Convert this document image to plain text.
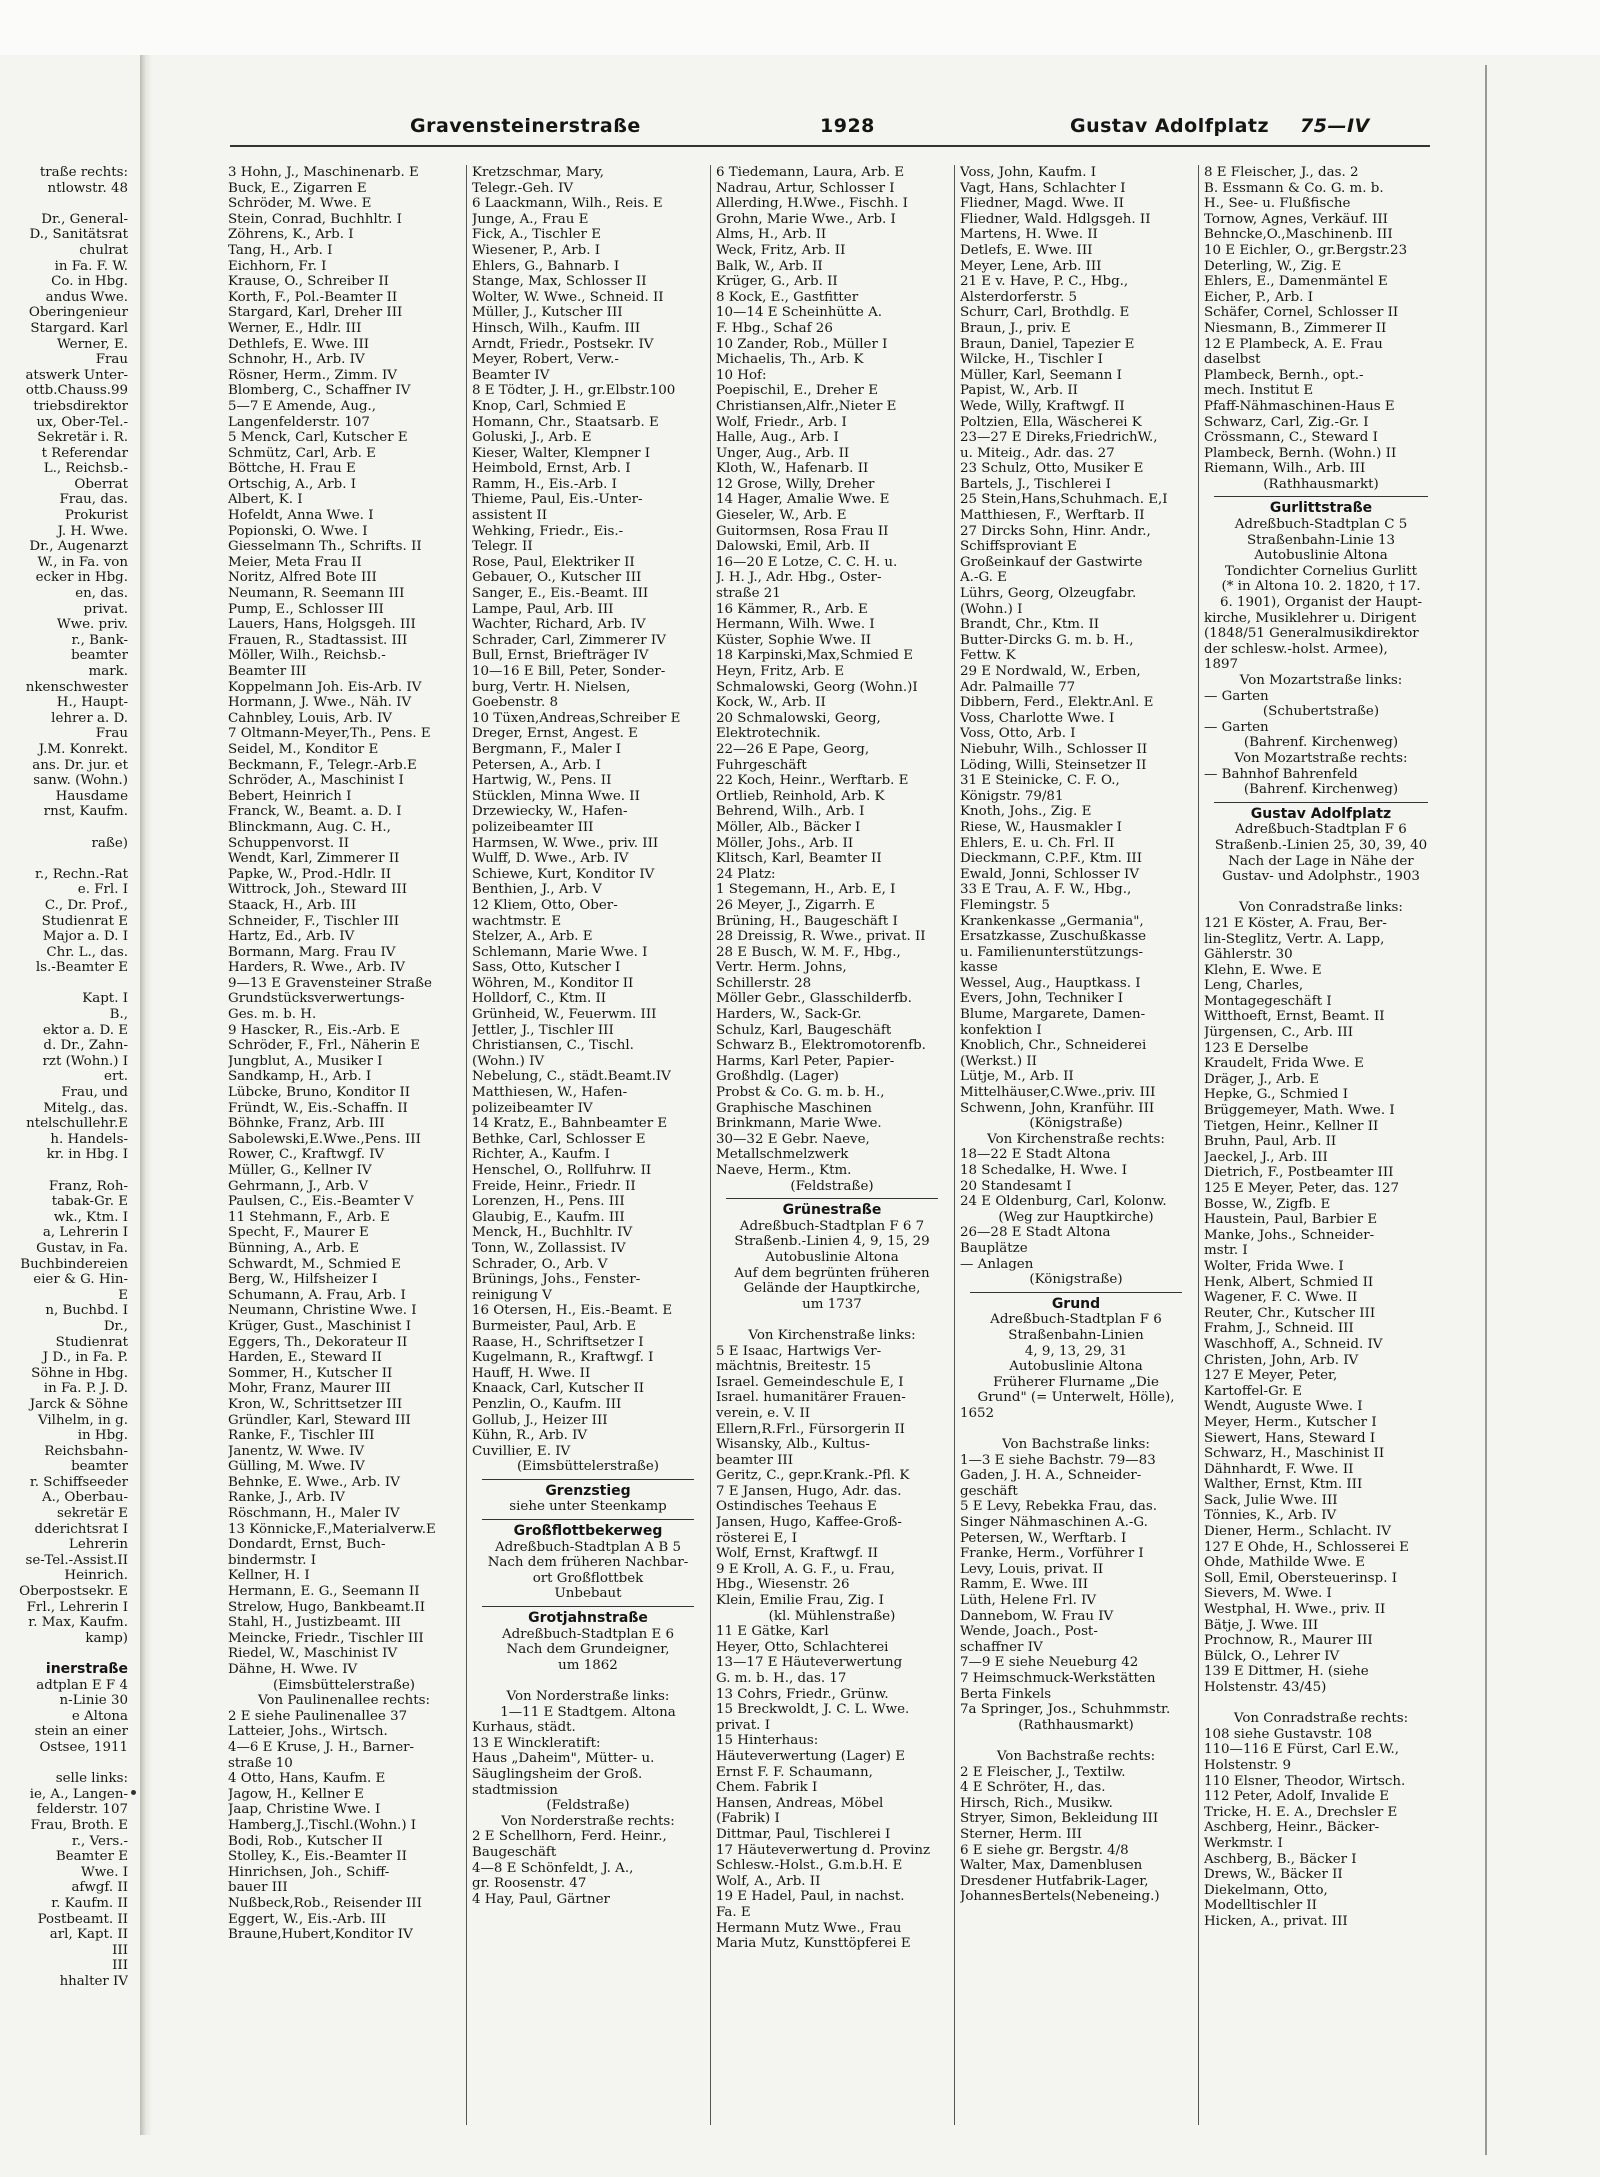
Gravensteinerstraße	1928	Gustav Adolfplatz 75—IV
traße rechts:
ntlowstr. 48
Dr., General-
D., Sanitätsrat
chulrat
in Fa. F. W.
Co. in Hbg.
andus Wwe.
Oberingenieur
Stargard. Karl
Werner, E.
Frau
atswerk Unter-
ottb.Chauss.99
triebsdirektor
ux, Ober-Tel.-
Sekretär i. R.
t Referendar
L., Reichsb.-
Oberrat
Frau, das.
Prokurist
J. H. Wwe.
Dr., Augenarzt
W., in Fa. von
ecker in Hbg.
en, das.
privat.
Wwe. priv.
r., Bank-
beamter
mark.
nkenschwester
H., Haupt-
lehrer a. D.
Frau
J.M. Konrekt.
ans. Dr. jur. et
sanw. (Wohn.)
Hausdame
rnst, Kaufm.
raße)
r., Rechn.-Rat
e. Frl. I
C., Dr. Prof.,
Studienrat E
Major a. D. I
Chr. L., das.
ls.-Beamter E
Kapt. I
B.,
ektor a. D. E
d. Dr., Zahn-
rzt (Wohn.) I
ert.
Frau, und
Mitelg., das.
ntelschullehr.E
h. Handels-
kr. in Hbg. I
Franz, Roh-
tabak-Gr. E
wk., Ktm. I
a, Lehrerin I
Gustav, in Fa.
Buchbindereien
eier & G. Hin-
E
n, Buchbd. I
Dr.,
Studienrat
J D., in Fa. P.
Söhne in Hbg.
in Fa. P. J. D.
Jarck & Söhne
Vilhelm, in g.
in Hbg.
Reichsbahn-
beamter
r. Schiffseeder
A., Oberbau-
sekretär E
dderichtsrat I
Lehrerin
se-Tel.-Assist.II
Heinrich.
Oberpostsekr. E
Frl., Lehrerin I
r. Max, Kaufm.
kamp)
inerstraße
adtplan E F 4
n-Linie 30
e Altona
stein an einer
Ostsee, 1911
selle links:
ie, A., Langen-
felderstr. 107
Frau, Broth. E
r., Vers.-
Beamter E
Wwe. I
afwgf. II
r. Kaufm. II
Postbeamt. II
arl, Kapt. II
III
III
hhalter IV
3 Hohn, J., Maschinenarb. E
Buck, E., Zigarren E
Schröder, M. Wwe. E
Stein, Conrad, Buchhltr. I
Zöhrens, K., Arb. I
Tang, H., Arb. I
Eichhorn, Fr. I
Krause, O., Schreiber II
Korth, F., Pol.-Beamter II
Stargard, Karl, Dreher III
Werner, E., Hdlr. III
Dethlefs, E. Wwe. III
Schnohr, H., Arb. IV
Rösner, Herm., Zimm. IV
Blomberg, C., Schaffner IV
5—7 E Amende, Aug.,
Langenfelderstr. 107
5 Menck, Carl, Kutscher E
Schmütz, Carl, Arb. E
Böttche, H. Frau E
Ortschig, A., Arb. I
Albert, K. I
Hofeldt, Anna Wwe. I
Popionski, O. Wwe. I
Giesselmann Th., Schrifts. II
Meier, Meta Frau II
Noritz, Alfred Bote III
Neumann, R. Seemann III
Pump, E., Schlosser III
Lauers, Hans, Holgsgeh. III
Frauen, R., Stadtassist. III
Möller, Wilh., Reichsb.-
Beamter III
Koppelmann Joh. Eis-Arb. IV
Hormann, J. Wwe., Näh. IV
Cahnbley, Louis, Arb. IV
7 Oltmann-Meyer,Th., Pens. E
Seidel, M., Konditor E
Beckmann, F., Telegr.-Arb.E
Schröder, A., Maschinist I
Bebert, Heinrich I
Franck, W., Beamt. a. D. I
Blinckmann, Aug. C. H.,
Schuppenvorst. II
Wendt, Karl, Zimmerer II
Papke, W., Prod.-Hdlr. II
Wittrock, Joh., Steward III
Staack, H., Arb. III
Schneider, F., Tischler III
Hartz, Ed., Arb. IV
Bormann, Marg. Frau IV
Harders, R. Wwe., Arb. IV
9—13 E Gravensteiner Straße
Grundstücksverwertungs-
Ges. m. b. H.
9 Hascker, R., Eis.-Arb. E
Schröder, F., Frl., Näherin E
Jungblut, A., Musiker I
Sandkamp, H., Arb. I
Lübcke, Bruno, Konditor II
Fründt, W., Eis.-Schaffn. II
Böhnke, Franz, Arb. III
Sabolewski,E.Wwe.,Pens. III
Rower, C., Kraftwgf. IV
Müller, G., Kellner IV
Gehrmann, J., Arb. V
Paulsen, C., Eis.-Beamter V
11 Stehmann, F., Arb. E
Specht, F., Maurer E
Bünning, A., Arb. E
Schwardt, M., Schmied E
Berg, W., Hilfsheizer I
Schumann, A. Frau, Arb. I
Neumann, Christine Wwe. I
Krüger, Gust., Maschinist I
Eggers, Th., Dekorateur II
Harden, E., Steward II
Sommer, H., Kutscher II
Mohr, Franz, Maurer III
Kron, W., Schrittsetzer III
Gründler, Karl, Steward III
Ranke, F., Tischler III
Janentz, W. Wwe. IV
Gülling, M. Wwe. IV
Behnke, E. Wwe., Arb. IV
Ranke, J., Arb. IV
Röschmann, H., Maler IV
13 Könnicke,F.,Materialverw.E
Dondardt, Ernst, Buch-
bindermstr. I
Kellner, H. I
Hermann, E. G., Seemann II
Strelow, Hugo, Bankbeamt.II
Stahl, H., Justizbeamt. III
Meincke, Friedr., Tischler III
Riedel, W., Maschinist IV
Dähne, H. Wwe. IV
(Eimsbüttelerstraße)
Von Paulinenallee rechts:
2 E siehe Paulinenallee 37
Latteier, Johs., Wirtsch.
4—6 E Kruse, J. H., Barner-
straße 10
4 Otto, Hans, Kaufm. E
Jagow, H., Kellner E
Jaap, Christine Wwe. I
Hamberg,J.,Tischl.(Wohn.) I
Bodi, Rob., Kutscher II
Stolley, K., Eis.-Beamter II
Hinrichsen, Joh., Schiff-
bauer III
Nußbeck,Rob., Reisender III
Eggert, W., Eis.-Arb. III
Braune,Hubert,Konditor IV
Kretzschmar, Mary,
Telegr.-Geh. IV
6 Laackmann, Wilh., Reis. E
Junge, A., Frau E
Fick, A., Tischler E
Wiesener, P., Arb. I
Ehlers, G., Bahnarb. I
Stange, Max, Schlosser II
Wolter, W. Wwe., Schneid. II
Müller, J., Kutscher III
Hinsch, Wilh., Kaufm. III
Arndt, Friedr., Postsekr. IV
Meyer, Robert, Verw.-
Beamter IV
8 E Tödter, J. H., gr.Elbstr.100
Knop, Carl, Schmied E
Homann, Chr., Staatsarb. E
Goluski, J., Arb. E
Kieser, Walter, Klempner I
Heimbold, Ernst, Arb. I
Ramm, H., Eis.-Arb. I
Thieme, Paul, Eis.-Unter-
assistent II
Wehking, Friedr., Eis.-
Telegr. II
Rose, Paul, Elektriker II
Gebauer, O., Kutscher III
Sanger, E., Eis.-Beamt. III
Lampe, Paul, Arb. III
Wachter, Richard, Arb. IV
Schrader, Carl, Zimmerer IV
Bull, Ernst, Briefträger IV
10—16 E Bill, Peter, Sonder-
burg, Vertr. H. Nielsen,
Goebenstr. 8
10 Tüxen,Andreas,Schreiber E
Dreger, Ernst, Angest. E
Bergmann, F., Maler I
Petersen, A., Arb. I
Hartwig, W., Pens. II
Stücklen, Minna Wwe. II
Drzewiecky, W., Hafen-
polizeibeamter III
Harmsen, W. Wwe., priv. III
Wulff, D. Wwe., Arb. IV
Schiewe, Kurt, Konditor IV
Benthien, J., Arb. V
12 Kliem, Otto, Ober-
wachtmstr. E
Stelzer, A., Arb. E
Schlemann, Marie Wwe. I
Sass, Otto, Kutscher I
Wöhren, M., Konditor II
Holldorf, C., Ktm. II
Grünheid, W., Feuerwm. III
Jettler, J., Tischler III
Christiansen, C., Tischl.
(Wohn.) IV
Nebelung, C., städt.Beamt.IV
Matthiesen, W., Hafen-
polizeibeamter IV
14 Kratz, E., Bahnbeamter E
Bethke, Carl, Schlosser E
Richter, A., Kaufm. I
Henschel, O., Rollfuhrw. II
Freide, Heinr., Friedr. II
Lorenzen, H., Pens. III
Glaubig, E., Kaufm. III
Menck, H., Buchhltr. IV
Tonn, W., Zollassist. IV
Schrader, O., Arb. V
Brünings, Johs., Fenster-
reinigung V
16 Otersen, H., Eis.-Beamt. E
Burmeister, Paul, Arb. E
Raase, H., Schriftsetzer I
Kugelmann, R., Kraftwgf. I
Hauff, H. Wwe. II
Knaack, Carl, Kutscher II
Penzlin, O., Kaufm. III
Gollub, J., Heizer III
Kühn, R., Arb. IV
Cuvillier, E. IV
(Eimsbüttelerstraße)
Grenzstieg
siehe unter Steenkamp
Großflottbekerweg
Adreßbuch-Stadtplan A B 5
Nach dem früheren Nachbar-
ort Großflottbek
Unbebaut
Grotjahnstraße
Adreßbuch-Stadtplan E 6
Nach dem Grundeigner,
um 1862
Von Norderstraße links:
1—11 E Stadtgem. Altona
Kurhaus, städt.
13 E Winckleratift:
Haus „Daheim", Mütter- u.
Säuglingsheim der Groß.
stadtmission
(Feldstraße)
Von Norderstraße rechts:
2 E Schellhorn, Ferd. Heinr.,
Baugeschäft
4—8 E Schönfeldt, J. A.,
gr. Roosenstr. 47
4 Hay, Paul, Gärtner
6 Tiedemann, Laura, Arb. E
Nadrau, Artur, Schlosser I
Allerding, H.Wwe., Fischh. I
Grohn, Marie Wwe., Arb. I
Alms, H., Arb. II
Weck, Fritz, Arb. II
Balk, W., Arb. II
Krüger, G., Arb. II
8 Kock, E., Gastfitter
10—14 E Scheinhütte A.
F. Hbg., Schaf 26
10 Zander, Rob., Müller I
Michaelis, Th., Arb. K
10 Hof:
Poepischil, E., Dreher E
Christiansen,Alfr.,Nieter E
Wolf, Friedr., Arb. I
Halle, Aug., Arb. I
Unger, Aug., Arb. II
Kloth, W., Hafenarb. II
12 Grose, Willy, Dreher
14 Hager, Amalie Wwe. E
Gieseler, W., Arb. E
Guitormsen, Rosa Frau II
Dalowski, Emil, Arb. II
16—20 E Lotze, C. C. H. u.
J. H. J., Adr. Hbg., Oster-
straße 21
16 Kämmer, R., Arb. E
Hermann, Wilh. Wwe. I
Küster, Sophie Wwe. II
18 Karpinski,Max,Schmied E
Heyn, Fritz, Arb. E
Schmalowski, Georg (Wohn.)I
Kock, W., Arb. II
20 Schmalowski, Georg,
Elektrotechnik.
22—26 E Pape, Georg,
Fuhrgeschäft
22 Koch, Heinr., Werftarb. E
Ortlieb, Reinhold, Arb. K
Behrend, Wilh., Arb. I
Möller, Alb., Bäcker I
Möller, Johs., Arb. II
Klitsch, Karl, Beamter II
24 Platz:
1 Stegemann, H., Arb. E, I
26 Meyer, J., Zigarrh. E
Brüning, H., Baugeschäft I
28 Dreissig, R. Wwe., privat. II
28 E Busch, W. M. F., Hbg.,
Vertr. Herm. Johns,
Schillerstr. 28
Möller Gebr., Glasschilderfb.
Harders, W., Sack-Gr.
Schulz, Karl, Baugeschäft
Schwarz B., Elektromotorenfb.
Harms, Karl Peter, Papier-
Großhdlg. (Lager)
Probst & Co. G. m. b. H.,
Graphische Maschinen
Brinkmann, Marie Wwe.
30—32 E Gebr. Naeve,
Metallschmelzwerk
Naeve, Herm., Ktm.
(Feldstraße)
Grünestraße
Adreßbuch-Stadtplan F 6 7
Straßenb.-Linien 4, 9, 15, 29
Autobuslinie Altona
Auf dem begrünten früheren
Gelände der Hauptkirche,
um 1737
Von Kirchenstraße links:
5 E Isaac, Hartwigs Ver-
mächtnis, Breitestr. 15
Israel. Gemeindeschule E, I
Israel. humanitärer Frauen-
verein, e. V. II
Ellern,R.Frl., Fürsorgerin II
Wisansky, Alb., Kultus-
beamter III
Geritz, C., gepr.Krank.-Pfl. K
7 E Jansen, Hugo, Adr. das.
Ostindisches Teehaus E
Jansen, Hugo, Kaffee-Groß-
rösterei E, I
Wolf, Ernst, Kraftwgf. II
9 E Kroll, A. G. F., u. Frau,
Hbg., Wiesenstr. 26
Klein, Emilie Frau, Zig. I
(kl. Mühlenstraße)
11 E Gätke, Karl
Heyer, Otto, Schlachterei
13—17 E Häuteverwertung
G. m. b. H., das. 17
13 Cohrs, Friedr., Grünw.
15 Breckwoldt, J. C. L. Wwe.
privat. I
15 Hinterhaus:
Häuteverwertung (Lager) E
Ernst F. F. Schaumann,
Chem. Fabrik I
Hansen, Andreas, Möbel
(Fabrik) I
Dittmar, Paul, Tischlerei I
17 Häuteverwertung d. Provinz
Schlesw.-Holst., G.m.b.H. E
Wolf, A., Arb. II
19 E Hadel, Paul, in nachst.
Fa. E
Hermann Mutz Wwe., Frau
Maria Mutz, Kunsttöpferei E
Voss, John, Kaufm. I
Vagt, Hans, Schlachter I
Fliedner, Magd. Wwe. II
Fliedner, Wald. Hdlgsgeh. II
Martens, H. Wwe. II
Detlefs, E. Wwe. III
Meyer, Lene, Arb. III
21 E v. Have, P. C., Hbg.,
Alsterdorferstr. 5
Schurr, Carl, Brothdlg. E
Braun, J., priv. E
Braun, Daniel, Tapezier E
Wilcke, H., Tischler I
Müller, Karl, Seemann I
Papist, W., Arb. II
Wede, Willy, Kraftwgf. II
Poltzien, Ella, Wäscherei K
23—27 E Direks,FriedrichW.,
u. Miteig., Adr. das. 27
23 Schulz, Otto, Musiker E
Bartels, J., Tischlerei I
25 Stein,Hans,Schuhmach. E,I
Matthiesen, F., Werftarb. II
27 Dircks Sohn, Hinr. Andr.,
Schiffsproviant E
Großeinkauf der Gastwirte
A.-G. E
Lührs, Georg, Ölzeugfabr.
(Wohn.) I
Brandt, Chr., Ktm. II
Butter-Dircks G. m. b. H.,
Fettw. K
29 E Nordwald, W., Erben,
Adr. Palmaille 77
Dibbern, Ferd., Elektr.Anl. E
Voss, Charlotte Wwe. I
Voss, Otto, Arb. I
Niebuhr, Wilh., Schlosser II
Löding, Willi, Steinsetzer II
31 E Steinicke, C. F. O.,
Königstr. 79/81
Knoth, Johs., Zig. E
Riese, W., Hausmakler I
Ehlers, E. u. Ch. Frl. II
Dieckmann, C.P.F., Ktm. III
Ewald, Jonni, Schlosser IV
33 E Trau, A. F. W., Hbg.,
Flemingstr. 5
Krankenkasse „Germania",
Ersatzkasse, Zuschußkasse
u. Familienunterstützungs-
kasse
Wessel, Aug., Hauptkass. I
Evers, John, Techniker I
Blume, Margarete, Damen-
konfektion I
Knoblich, Chr., Schneiderei
(Werkst.) II
Lütje, M., Arb. II
Mittelhäuser,C.Wwe.,priv. III
Schwenn, John, Kranführ. III
(Königstraße)
Von Kirchenstraße rechts:
18—22 E Stadt Altona
18 Schedalke, H. Wwe. I
20 Standesamt I
24 E Oldenburg, Carl, Kolonw.
(Weg zur Hauptkirche)
26—28 E Stadt Altona
Bauplätze
— Anlagen
(Königstraße)
Grund
Adreßbuch-Stadtplan F 6
Straßenbahn-Linien
4, 9, 13, 29, 31
Autobuslinie Altona
Früherer Flurname „Die
Grund" (= Unterwelt, Hölle),
1652
Von Bachstraße links:
1—3 E siehe Bachstr. 79—83
Gaden, J. H. A., Schneider-
geschäft
5 E Levy, Rebekka Frau, das.
Singer Nähmaschinen A.-G.
Petersen, W., Werftarb. I
Franke, Herm., Vorführer I
Levy, Louis, privat. II
Ramm, E. Wwe. III
Lüth, Helene Frl. IV
Dannebom, W. Frau IV
Wende, Joach., Post-
schaffner IV
7—9 E siehe Neueburg 42
7 Heimschmuck-Werkstätten
Berta Finkels
7a Springer, Jos., Schuhmmstr.
(Rathhausmarkt)
Von Bachstraße rechts:
2 E Fleischer, J., Textilw.
4 E Schröter, H., das.
Hirsch, Rich., Musikw.
Stryer, Simon, Bekleidung III
Sterner, Herm. III
6 E siehe gr. Bergstr. 4/8
Walter, Max, Damenblusen
Dresdener Hutfabrik-Lager,
JohannesBertels(Nebeneing.)
8 E Fleischer, J., das. 2
B. Essmann & Co. G. m. b.
H., See- u. Flußfische
Tornow, Agnes, Verkäuf. III
Behncke,O.,Maschinenb. III
10 E Eichler, O., gr.Bergstr.23
Deterling, W., Zig. E
Ehlers, E., Damenmäntel E
Eicher, P., Arb. I
Schäfer, Cornel, Schlosser II
Niesmann, B., Zimmerer II
12 E Plambeck, A. E. Frau
daselbst
Plambeck, Bernh., opt.-
mech. Institut E
Pfaff-Nähmaschinen-Haus E
Schwarz, Carl, Zig.-Gr. I
Crössmann, C., Steward I
Plambeck, Bernh. (Wohn.) II
Riemann, Wilh., Arb. III
(Rathhausmarkt)
Gurlittstraße
Adreßbuch-Stadtplan C 5
Straßenbahn-Linie 13
Autobuslinie Altona
Tondichter Cornelius Gurlitt
(* in Altona 10. 2. 1820, † 17.
6. 1901), Organist der Haupt-
kirche, Musiklehrer u. Dirigent
(1848/51 Generalmusikdirektor
der schlesw.-holst. Armee),
1897
Von Mozartstraße links:
— Garten
(Schubertstraße)
— Garten
(Bahrenf. Kirchenweg)
Von Mozartstraße rechts:
— Bahnhof Bahrenfeld
(Bahrenf. Kirchenweg)
Gustav Adolfplatz
Adreßbuch-Stadtplan F 6
Straßenb.-Linien 25, 30, 39, 40
Nach der Lage in Nähe der
Gustav- und Adolphstr., 1903
Von Conradstraße links:
121 E Köster, A. Frau, Ber-
lin-Steglitz, Vertr. A. Lapp,
Gählerstr. 30
Klehn, E. Wwe. E
Leng, Charles,
Montagegeschäft I
Witthoeft, Ernst, Beamt. II
Jürgensen, C., Arb. III
123 E Derselbe
Kraudelt, Frida Wwe. E
Dräger, J., Arb. E
Hepke, G., Schmied I
Brüggemeyer, Math. Wwe. I
Tietgen, Heinr., Kellner II
Bruhn, Paul, Arb. II
Jaeckel, J., Arb. III
Dietrich, F., Postbeamter III
125 E Meyer, Peter, das. 127
Bosse, W., Zigfb. E
Haustein, Paul, Barbier E
Manke, Johs., Schneider-
mstr. I
Wolter, Frida Wwe. I
Henk, Albert, Schmied II
Wagener, F. C. Wwe. II
Reuter, Chr., Kutscher III
Frahm, J., Schneid. III
Waschhoff, A., Schneid. IV
Christen, John, Arb. IV
127 E Meyer, Peter,
Kartoffel-Gr. E
Wendt, Auguste Wwe. I
Meyer, Herm., Kutscher I
Siewert, Hans, Steward I
Schwarz, H., Maschinist II
Dähnhardt, F. Wwe. II
Walther, Ernst, Ktm. III
Sack, Julie Wwe. III
Tönnies, K., Arb. IV
Diener, Herm., Schlacht. IV
127 E Ohde, H., Schlosserei E
Ohde, Mathilde Wwe. E
Soll, Emil, Obersteuerinsp. I
Sievers, M. Wwe. I
Westphal, H. Wwe., priv. II
Bätje, J. Wwe. III
Prochnow, R., Maurer III
Bülck, O., Lehrer IV
139 E Dittmer, H. (siehe
Holstenstr. 43/45)
Von Conradstraße rechts:
108 siehe Gustavstr. 108
110—116 E Fürst, Carl E.W.,
Holstenstr. 9
110 Elsner, Theodor, Wirtsch.
112 Peter, Adolf, Invalide E
Tricke, H. E. A., Drechsler E
Aschberg, Heinr., Bäcker-
Werkmstr. I
Aschberg, B., Bäcker I
Drews, W., Bäcker II
Diekelmann, Otto,
Modelltischler II
Hicken, A., privat. III
